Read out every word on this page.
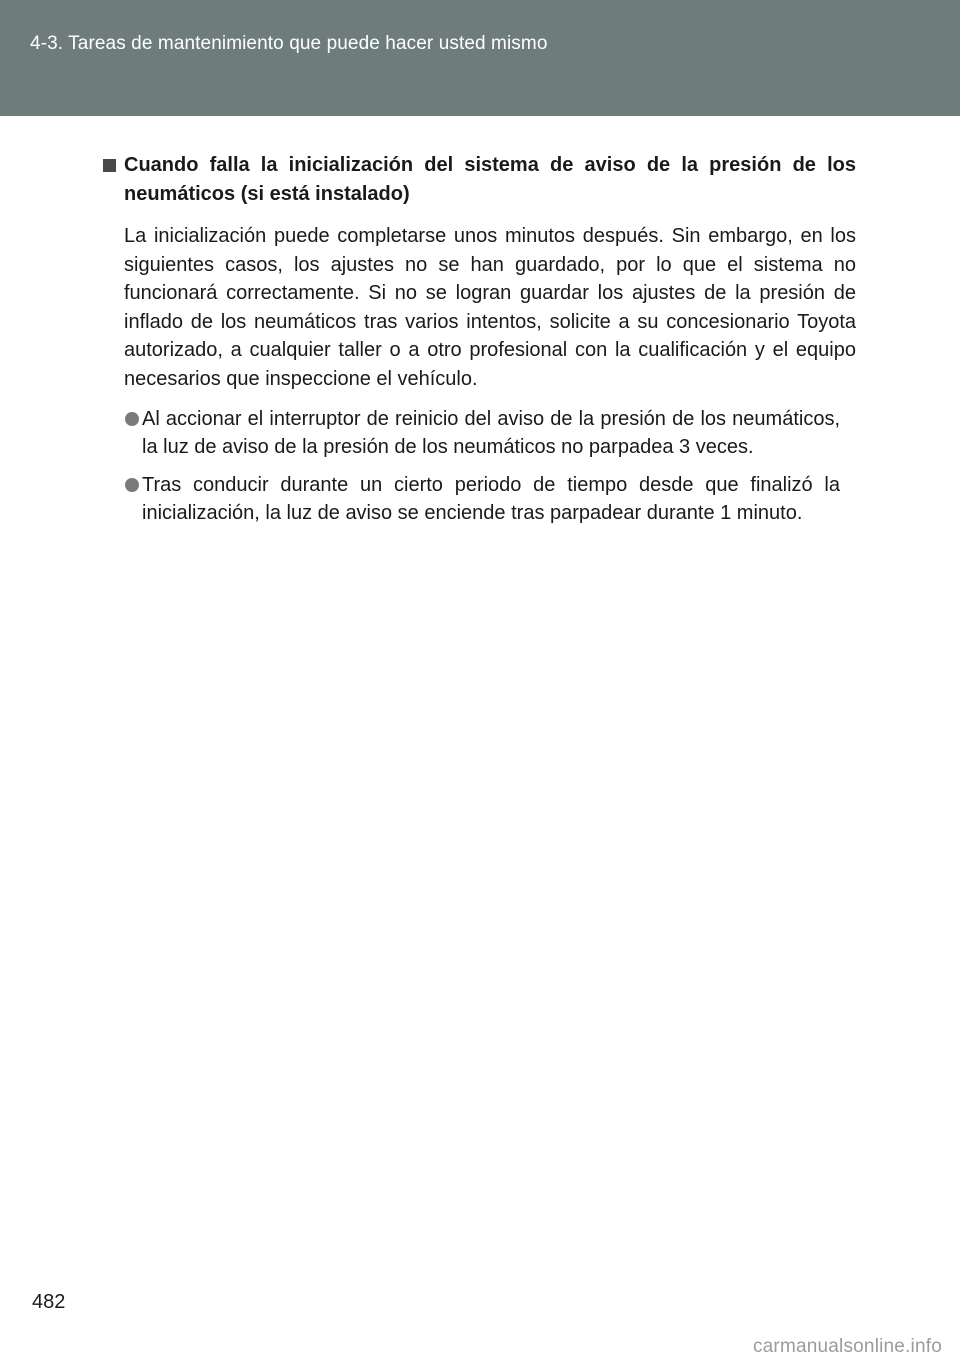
4-3. Tareas de mantenimiento que puede hacer usted mismo
Cuando falla la inicialización del sistema de aviso de la presión de los neumáticos (si está instalado)
La inicialización puede completarse unos minutos después. Sin embargo, en los siguientes casos, los ajustes no se han guardado, por lo que el sistema no funcionará correctamente. Si no se logran guardar los ajustes de la presión de inflado de los neumáticos tras varios intentos, solicite a su concesionario Toyota autorizado, a cualquier taller o a otro profesional con la cualificación y el equipo necesarios que inspeccione el vehículo.
Al accionar el interruptor de reinicio del aviso de la presión de los neumáticos, la luz de aviso de la presión de los neumáticos no parpadea 3 veces.
Tras conducir durante un cierto periodo de tiempo desde que finalizó la inicialización, la luz de aviso se enciende tras parpadear durante 1 minuto.
482
carmanualsonline.info
